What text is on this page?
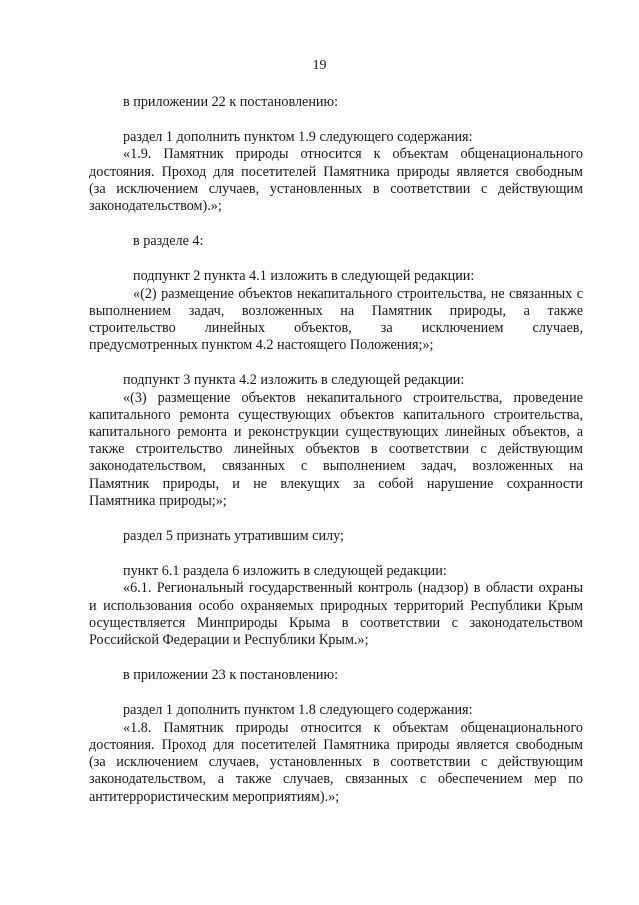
19
в приложении 22 к постановлению:
раздел 1 дополнить пунктом 1.9 следующего содержания:
«1.9. Памятник природы относится к объектам общенационального
достояния. Проход для посетителей Памятника природы является свободным
(за исключением случаев, установленных в соответствии с действующим
законодательством).»;
в разделе 4:
подпункт 2 пункта 4.1 изложить в следующей редакции:
«(2) размещение объектов некапитального строительства, не связанных с
выполнением задач, возложенных на Памятник природы, а также
строительство линейных объектов, за исключением случаев,
предусмотренных пунктом 4.2 настоящего Положения;»;
подпункт 3 пункта 4.2 изложить в следующей редакции:
«(3) размещение объектов некапитального строительства, проведение
капитального ремонта существующих объектов капитального строительства,
капитального ремонта и реконструкции существующих линейных объектов, а
также строительство линейных объектов в соответствии с действующим
законодательством, связанных с выполнением задач, возложенных на
Памятник природы, и не влекущих за собой нарушение сохранности
Памятника природы;»;
раздел 5 признать утратившим силу;
пункт 6.1 раздела 6 изложить в следующей редакции:
«6.1. Региональный государственный контроль (надзор) в области охраны
и использования особо охраняемых природных территорий Республики Крым
осуществляется Минприроды Крыма в соответствии с законодательством
Российской Федерации и Республики Крым.»;
в приложении 23 к постановлению:
раздел 1 дополнить пунктом 1.8 следующего содержания:
«1.8. Памятник природы относится к объектам общенационального
достояния. Проход для посетителей Памятника природы является свободным
(за исключением случаев, установленных в соответствии с действующим
законодательством, а также случаев, связанных с обеспечением мер по
антитеррористическим мероприятиям).»;
